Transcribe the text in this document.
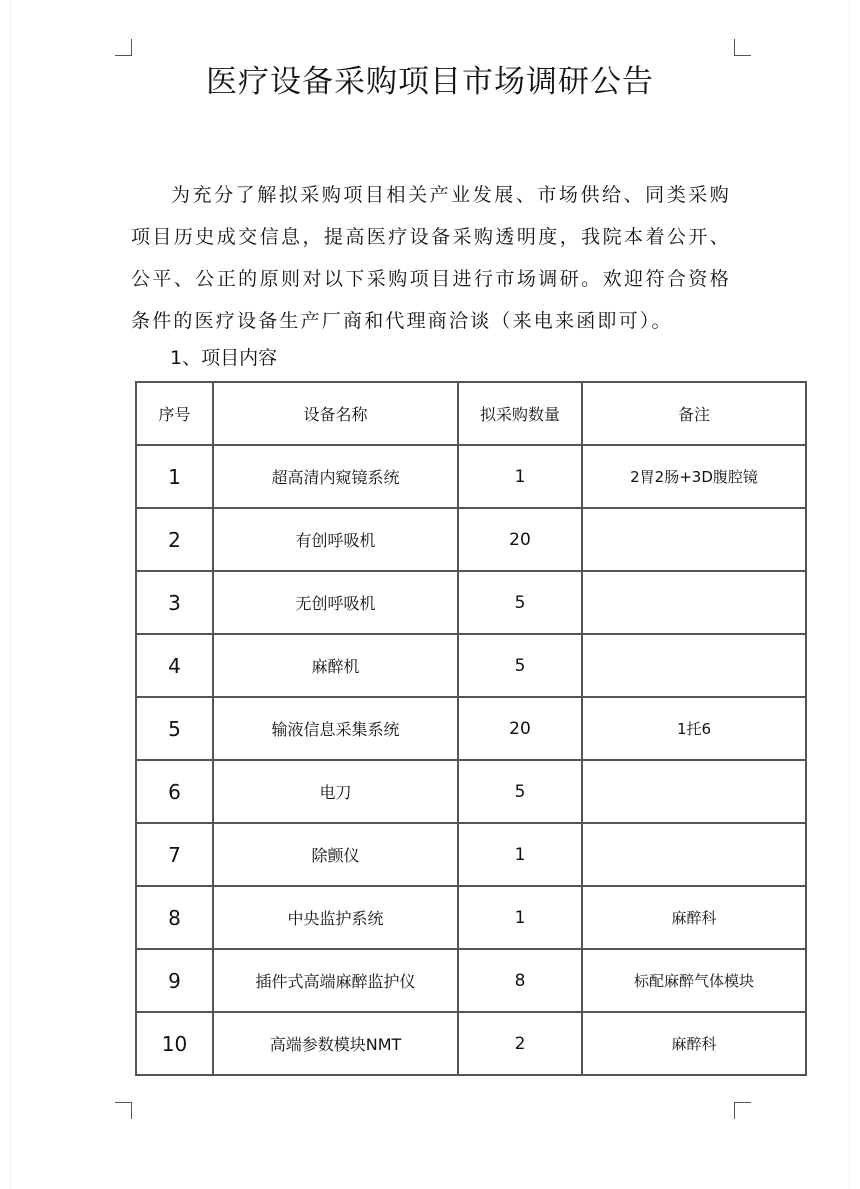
医疗设备采购项目市场调研公告

为充分了解拟采购项目相关产业发展、市场供给、同类采购项目历史成交信息，提高医疗设备采购透明度，我院本着公开、公平、公正的原则对以下采购项目进行市场调研。欢迎符合资格条件的医疗设备生产厂商和代理商洽谈（来电来函即可）。

1、项目内容
序号	设备名称	拟采购数量	备注
1	超高清内窥镜系统	1	2胃2肠+3D腹腔镜
2	有创呼吸机	20	
3	无创呼吸机	5	
4	麻醉机	5	
5	输液信息采集系统	20	1托6
6	电刀	5	
7	除颤仪	1	
8	中央监护系统	1	麻醉科
9	插件式高端麻醉监护仪	8	标配麻醉气体模块
10	高端参数模块NMT	2	麻醉科
